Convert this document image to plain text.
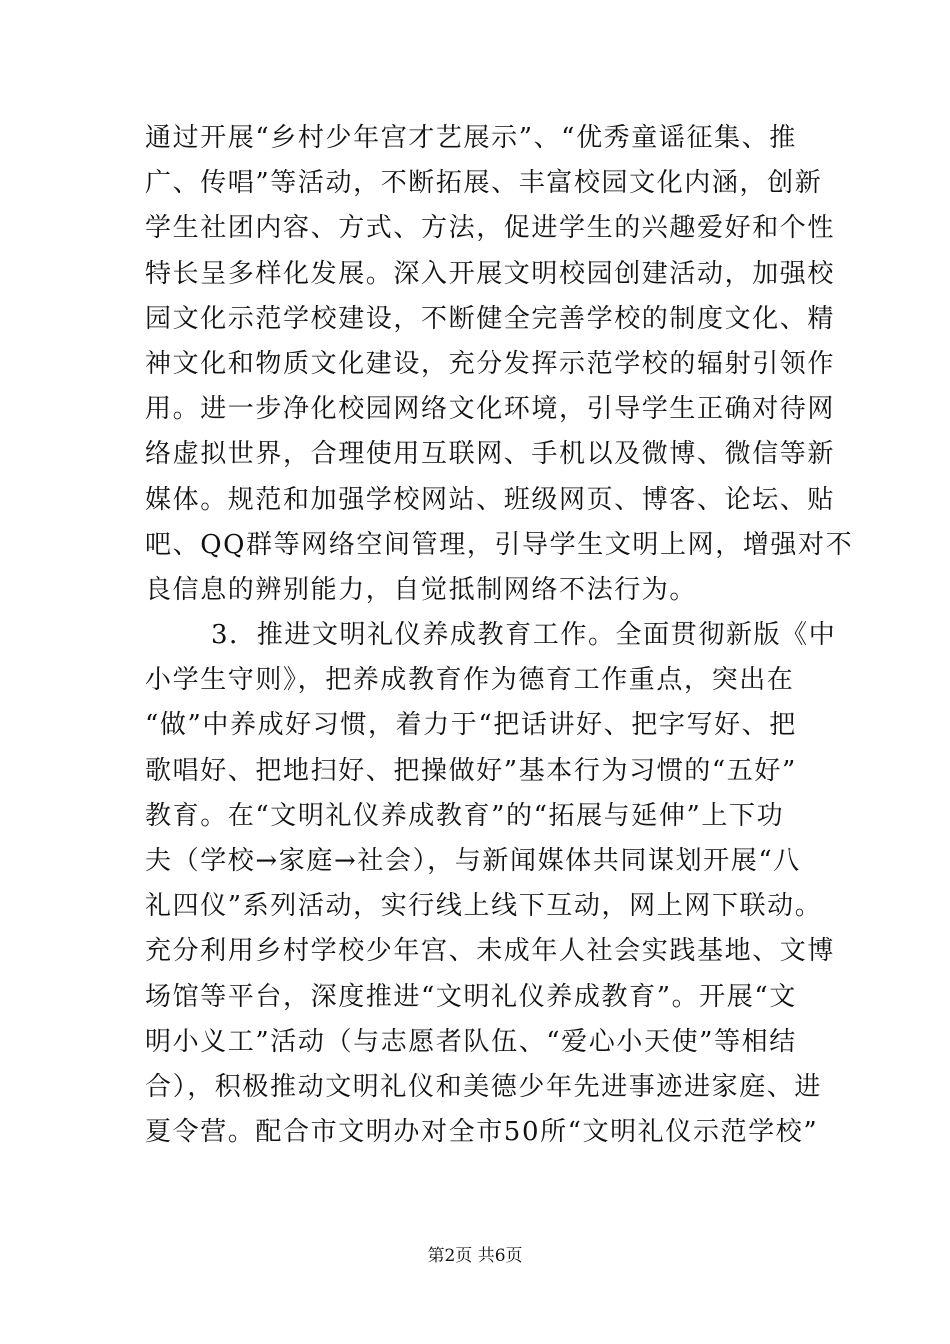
通过开展“乡村少年宫才艺展示”、“优秀童谣征集、推
广、传唱”等活动，不断拓展、丰富校园文化内涵，创新
学生社团内容、方式、方法，促进学生的兴趣爱好和个性
特长呈多样化发展。深入开展文明校园创建活动，加强校
园文化示范学校建设，不断健全完善学校的制度文化、精
神文化和物质文化建设，充分发挥示范学校的辐射引领作
用。进一步净化校园网络文化环境，引导学生正确对待网
络虚拟世界，合理使用互联网、手机以及微博、微信等新
媒体。规范和加强学校网站、班级网页、博客、论坛、贴
吧、QQ群等网络空间管理，引导学生文明上网，增强对不
良信息的辨别能力，自觉抵制网络不法行为。
3．推进文明礼仪养成教育工作。全面贯彻新版《中
小学生守则》，把养成教育作为德育工作重点，突出在
“做”中养成好习惯，着力于“把话讲好、把字写好、把
歌唱好、把地扫好、把操做好”基本行为习惯的“五好”
教育。在“文明礼仪养成教育”的“拓展与延伸”上下功
夫（学校→家庭→社会），与新闻媒体共同谋划开展“八
礼四仪”系列活动，实行线上线下互动，网上网下联动。
充分利用乡村学校少年宫、未成年人社会实践基地、文博
场馆等平台，深度推进“文明礼仪养成教育”。开展“文
明小义工”活动（与志愿者队伍、“爱心小天使”等相结
合），积极推动文明礼仪和美德少年先进事迹进家庭、进
夏令营。配合市文明办对全市50所“文明礼仪示范学校”
第2页 共6页
